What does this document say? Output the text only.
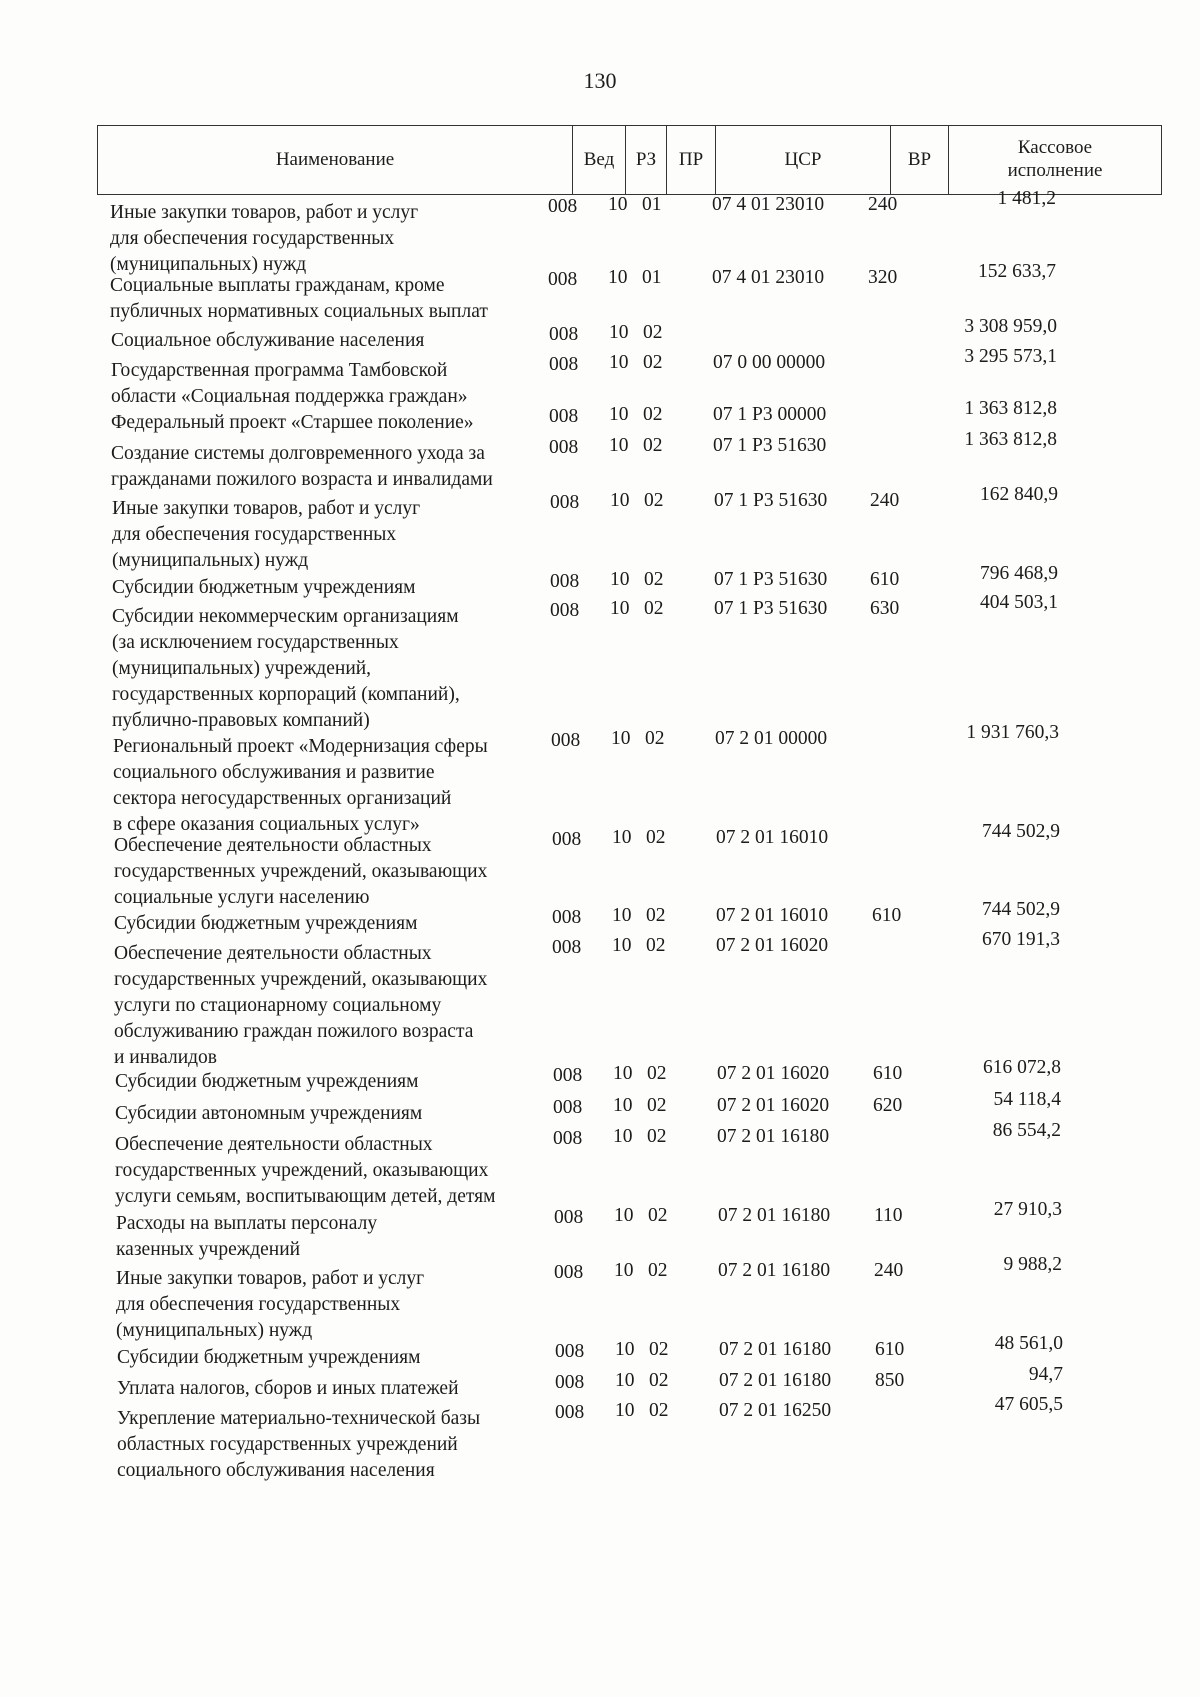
130
Наименование	Вед	РЗ	ПР	ЦСР	ВР
Кассовое исполнение
Иные закупки товаров, работ и услуг
для обеспечения государственных
(муниципальных) нужд
008 10 01	07 4 01 23010 240	1 481,2
Социальные выплаты гражданам, кроме
публичных нормативных социальных выплат
008 10 01	07 4 01 23010 320	152 633,7
Социальное обслуживание населения	008 10 02	3 308 959,0
Государственная программа Тамбовской
области «Социальная поддержка граждан»
008 10 02	07 0 00 00000	3 295 573,1
Федеральный проект «Старшее поколение»	008 10 02	07 1 Р3 00000	1 363 812,8
Создание системы долговременного ухода за
гражданами пожилого возраста и инвалидами
008 10 02	07 1 Р3 51630	1 363 812,8
Иные закупки товаров, работ и услуг
для обеспечения государственных
(муниципальных) нужд
008 10 02	07 1 Р3 51630 240	162 840,9
Субсидии бюджетным учреждениям	008 10 02	07 1 Р3 51630 610	796 468,9
Субсидии некоммерческим организациям
(за исключением государственных
(муниципальных) учреждений,
государственных корпораций (компаний),
публично-правовых компаний)
008 10 02	07 1 Р3 51630 630	404 503,1
Региональный проект «Модернизация сферы
социального обслуживания и развитие
сектора негосударственных организаций
в сфере оказания социальных услуг»
008 10 02	07 2 01 00000	1 931 760,3
Обеспечение деятельности областных
государственных учреждений, оказывающих
социальные услуги населению
008 10 02	07 2 01 16010	744 502,9
Субсидии бюджетным учреждениям	008 10 02	07 2 01 16010 610	744 502,9
Обеспечение деятельности областных
государственных учреждений, оказывающих
услуги по стационарному социальному
обслуживанию граждан пожилого возраста
и инвалидов
008 10 02	07 2 01 16020	670 191,3
Субсидии бюджетным учреждениям	008 10 02	07 2 01 16020 610	616 072,8
Субсидии автономным учреждениям	008 10 02	07 2 01 16020 620	54 118,4
Обеспечение деятельности областных
государственных учреждений, оказывающих
услуги семьям, воспитывающим детей, детям
008 10 02	07 2 01 16180	86 554,2
Расходы на выплаты персоналу
казенных учреждений
008 10 02	07 2 01 16180 110	27 910,3
Иные закупки товаров, работ и услуг
для обеспечения государственных
(муниципальных) нужд
008 10 02	07 2 01 16180 240	9 988,2
Субсидии бюджетным учреждениям	008 10 02	07 2 01 16180 610	48 561,0
Уплата налогов, сборов и иных платежей	008 10 02	07 2 01 16180 850	94,7
Укрепление материально-технической базы
областных государственных учреждений
социального обслуживания населения
008 10 02	07 2 01 16250	47 605,5
